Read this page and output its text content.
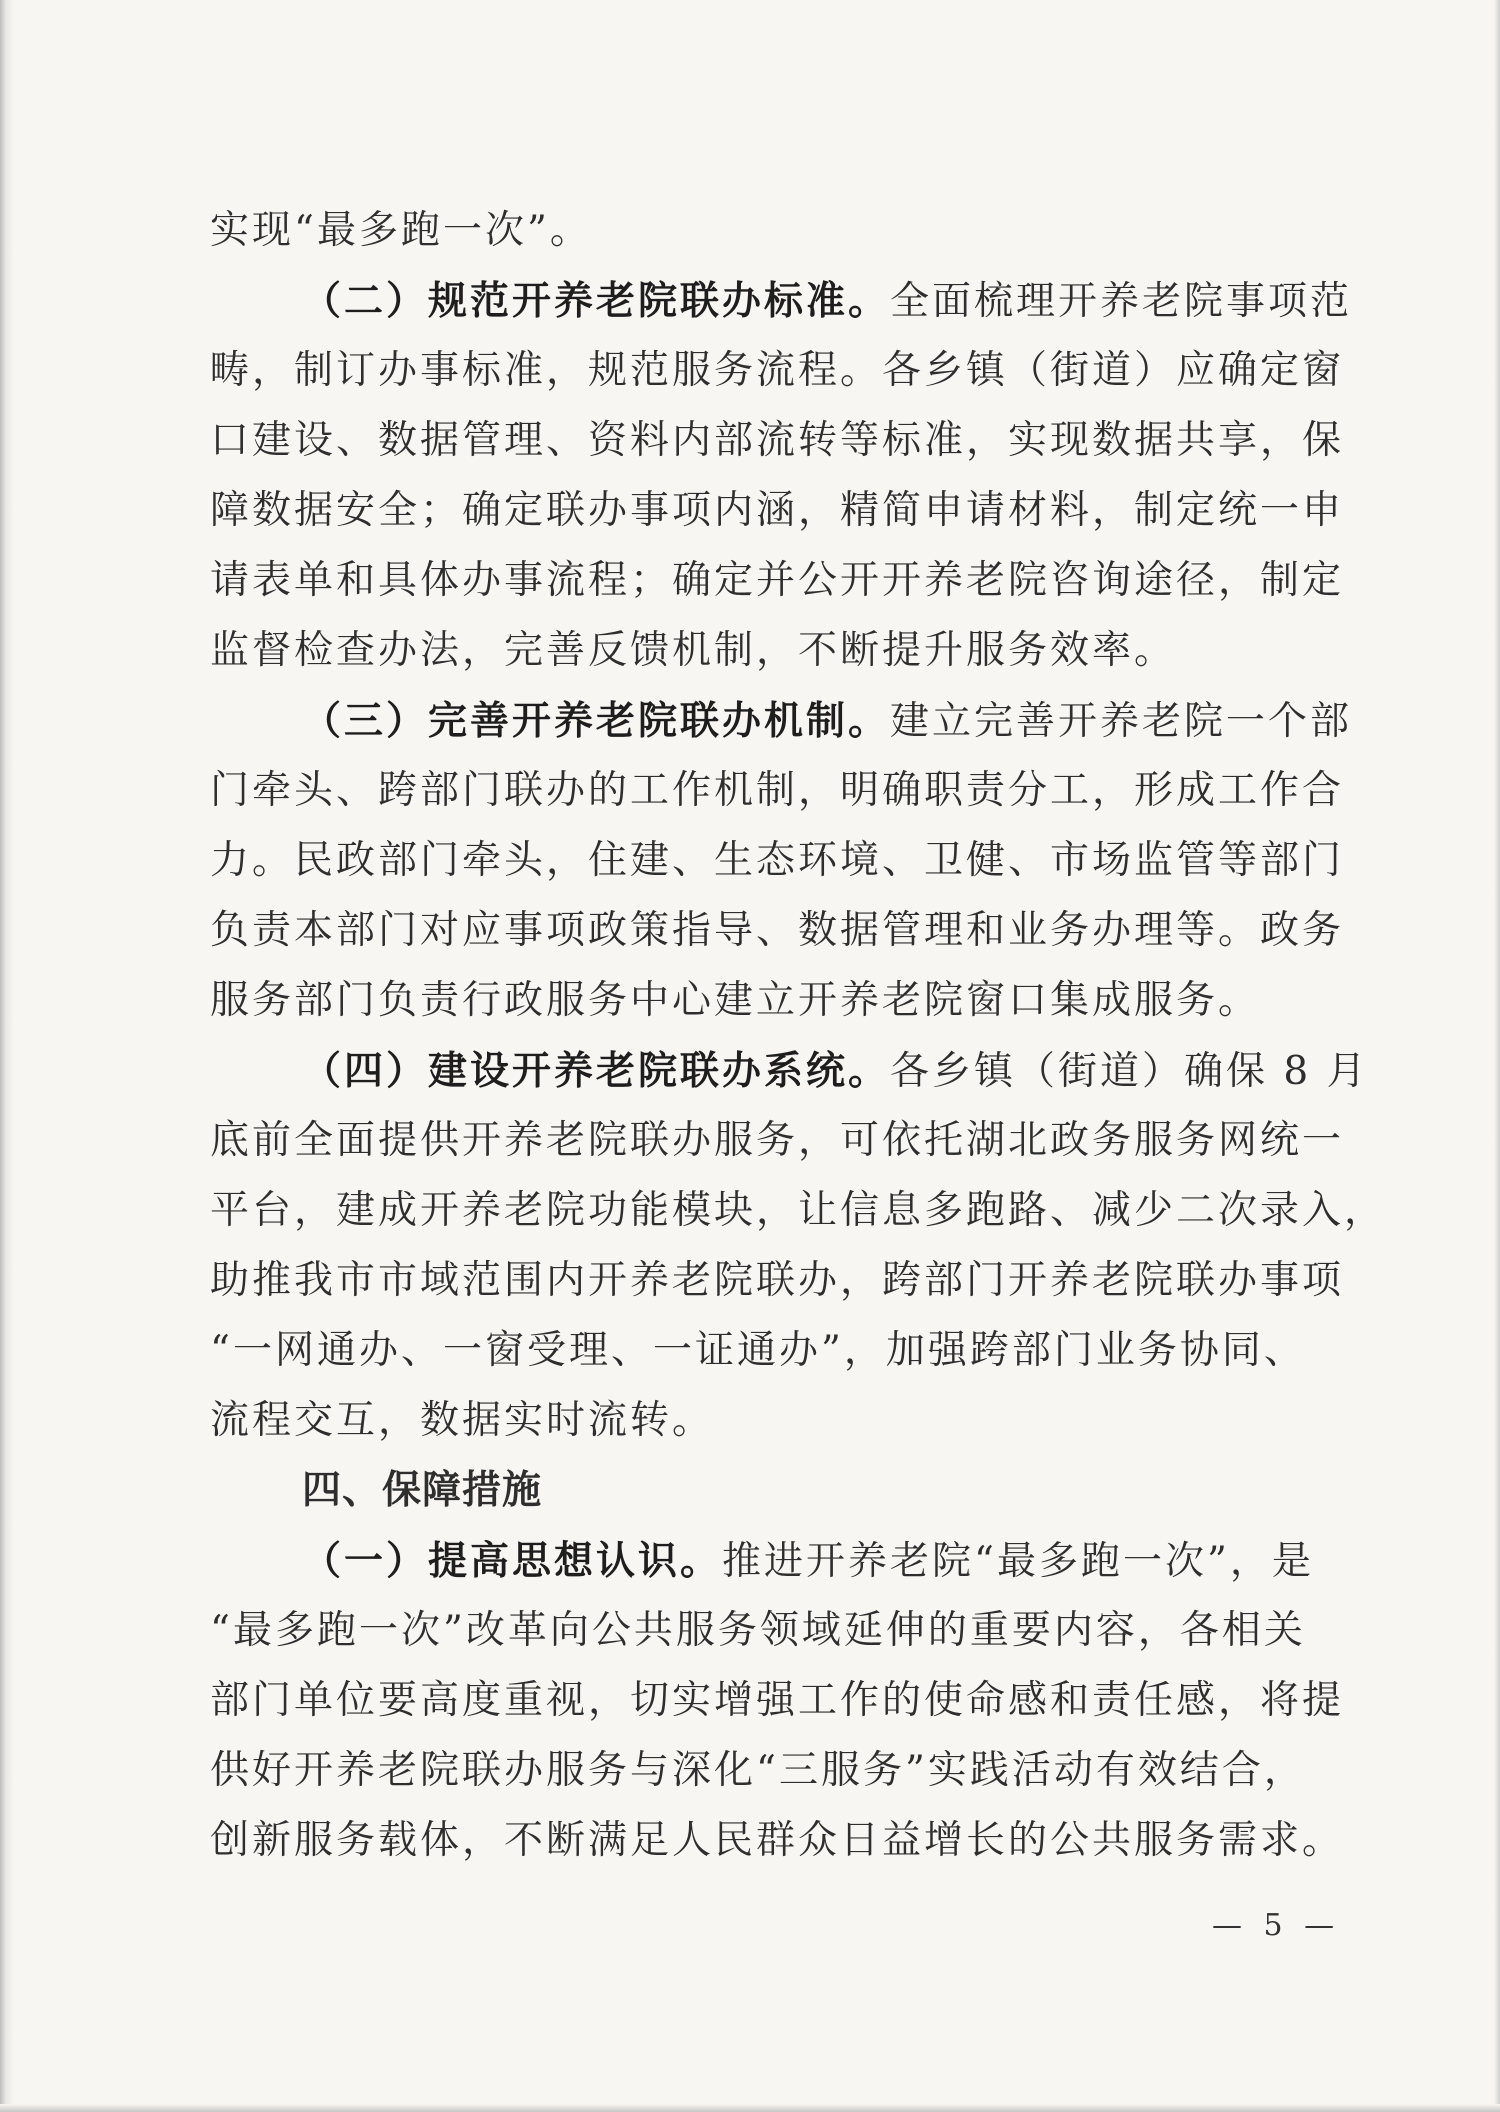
实现“最多跑一次”。
（二）规范开养老院联办标准。全面梳理开养老院事项范
畴，制订办事标准，规范服务流程。各乡镇（街道）应确定窗
口建设、数据管理、资料内部流转等标准，实现数据共享，保
障数据安全；确定联办事项内涵，精简申请材料，制定统一申
请表单和具体办事流程；确定并公开开养老院咨询途径，制定
监督检查办法，完善反馈机制，不断提升服务效率。
（三）完善开养老院联办机制。建立完善开养老院一个部
门牵头、跨部门联办的工作机制，明确职责分工，形成工作合
力。民政部门牵头，住建、生态环境、卫健、市场监管等部门
负责本部门对应事项政策指导、数据管理和业务办理等。政务
服务部门负责行政服务中心建立开养老院窗口集成服务。
（四）建设开养老院联办系统。各乡镇（街道）确保 8 月
底前全面提供开养老院联办服务，可依托湖北政务服务网统一
平台，建成开养老院功能模块，让信息多跑路、减少二次录入，
助推我市市域范围内开养老院联办，跨部门开养老院联办事项
“一网通办、一窗受理、一证通办”，加强跨部门业务协同、
流程交互，数据实时流转。
四、保障措施
（一）提高思想认识。推进开养老院“最多跑一次”，是
“最多跑一次”改革向公共服务领域延伸的重要内容，各相关
部门单位要高度重视，切实增强工作的使命感和责任感，将提
供好开养老院联办服务与深化“三服务”实践活动有效结合，
创新服务载体，不断满足人民群众日益增长的公共服务需求。
— 5 —
